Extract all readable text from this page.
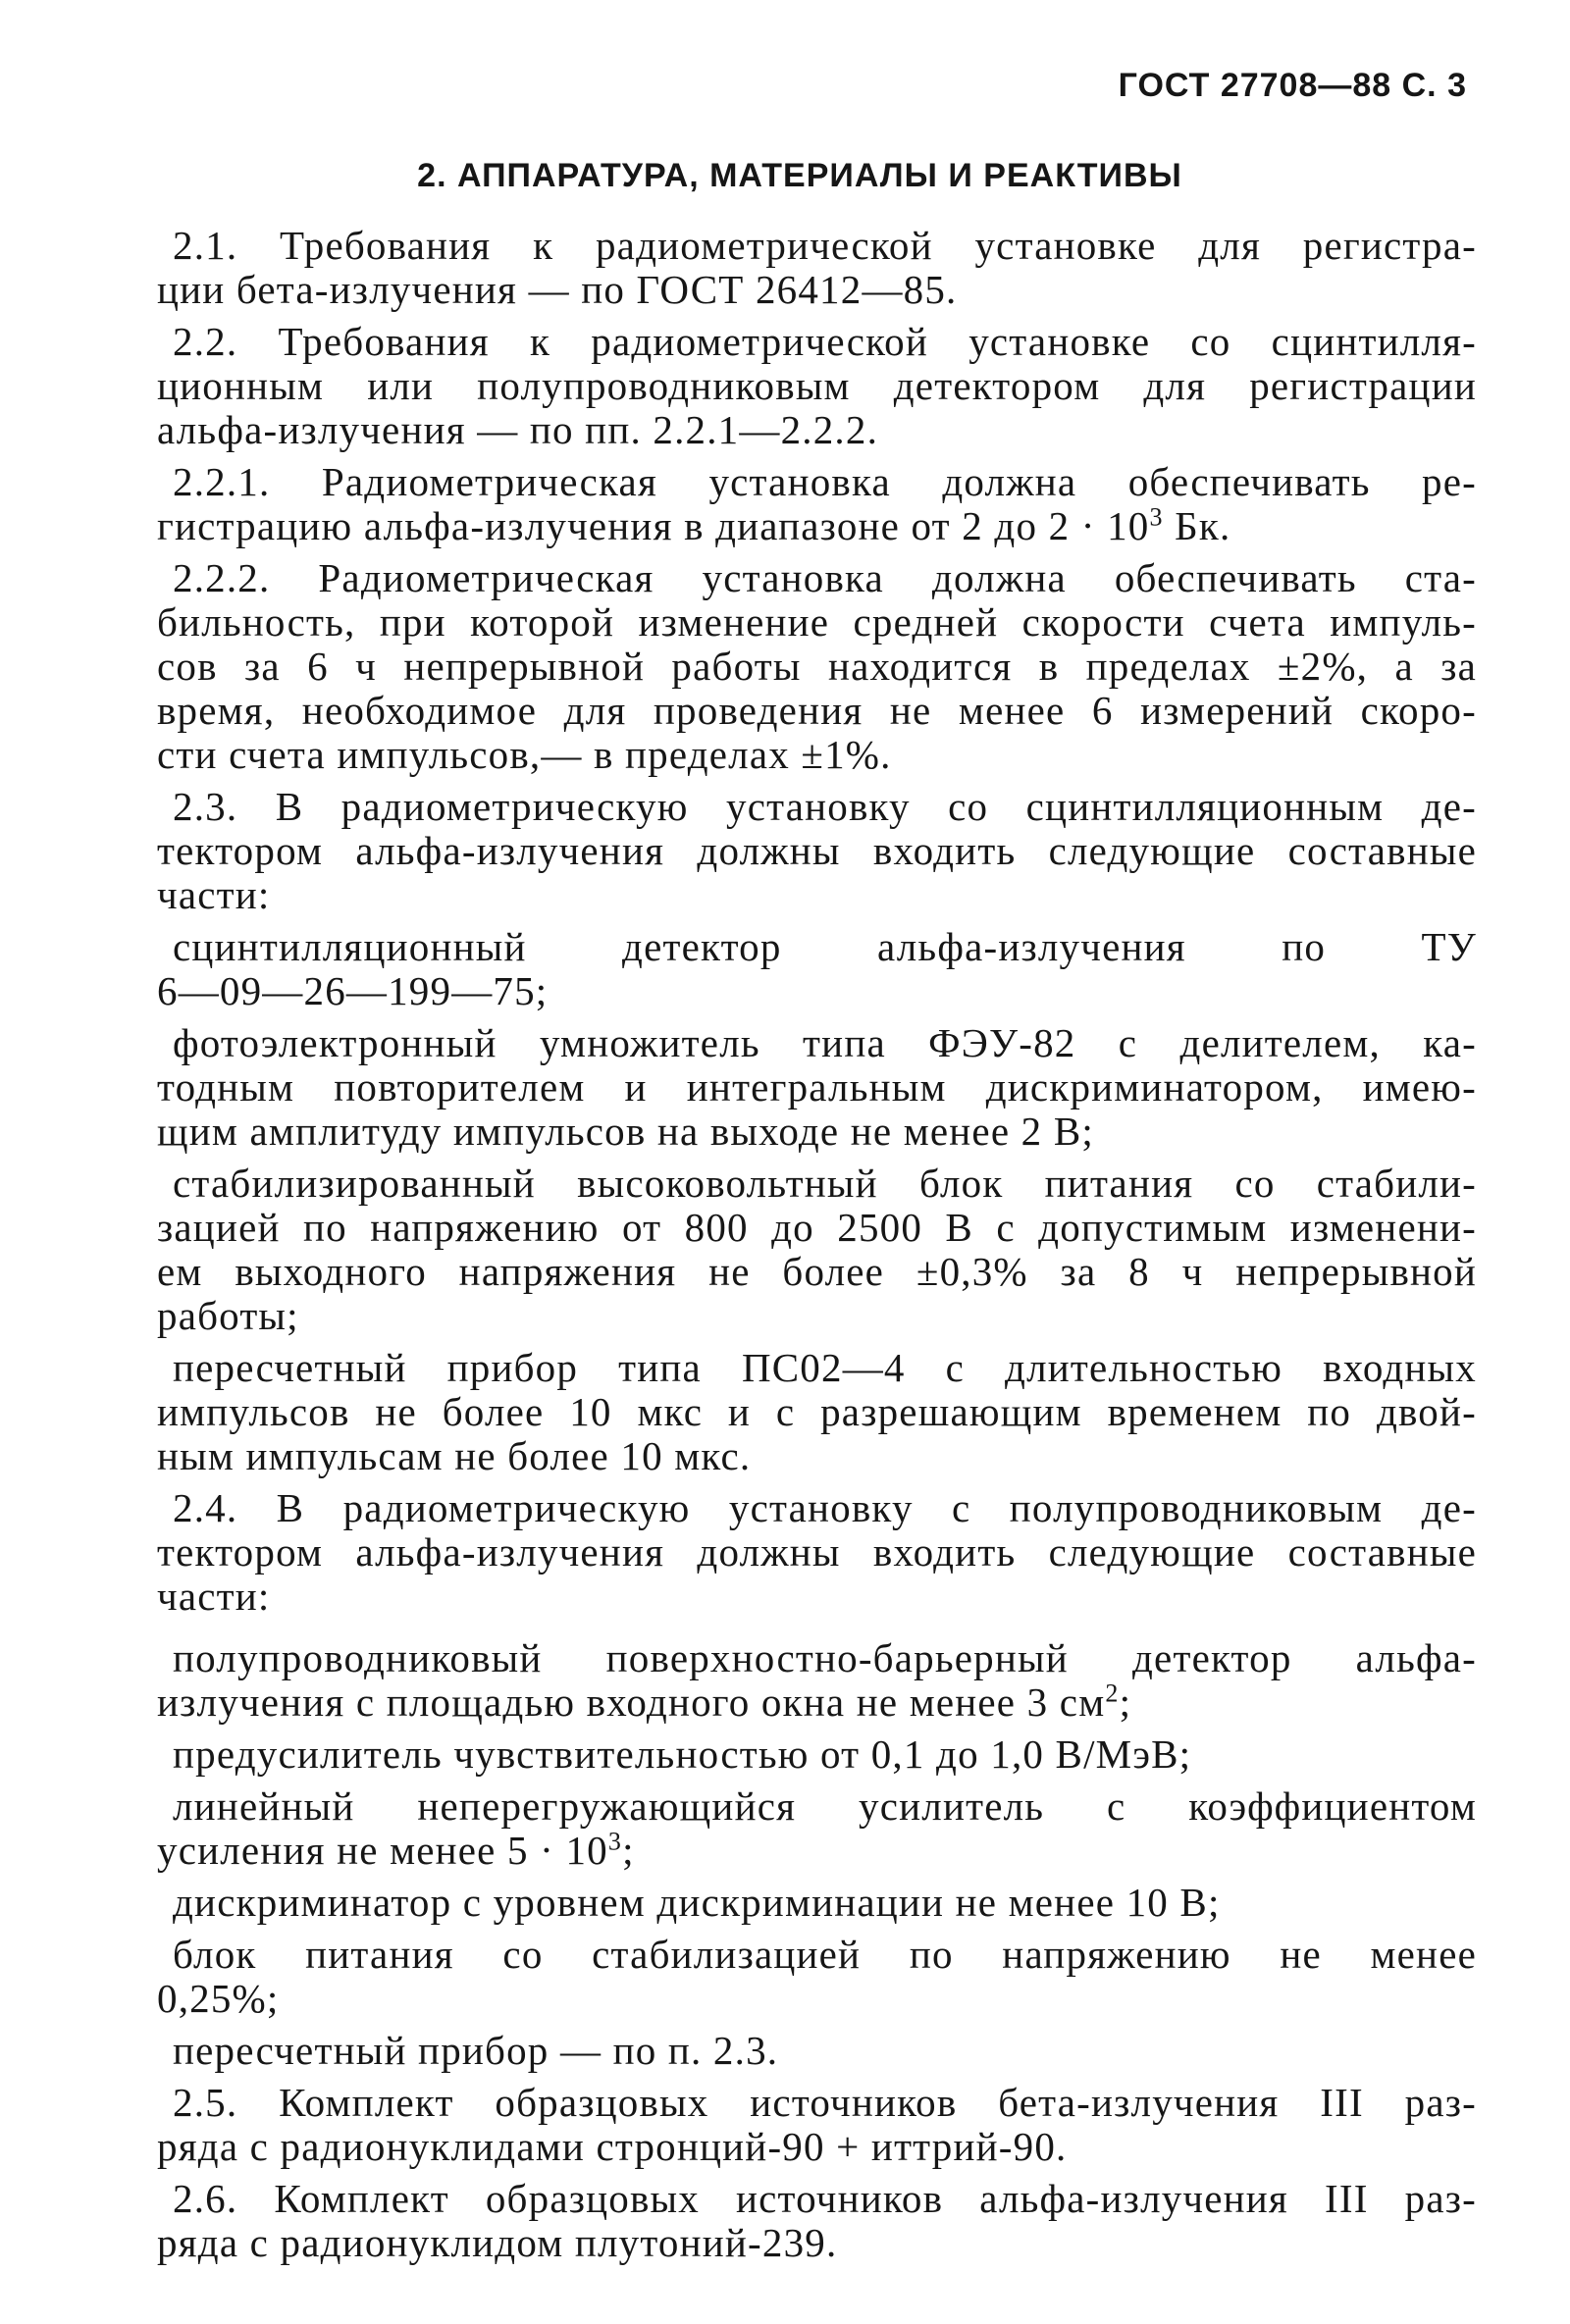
ГОСТ 27708—88 С. 3
2. АППАРАТУРА, МАТЕРИАЛЫ И РЕАКТИВЫ
2.1. Требования к радиометрической установке для регистра-
ции бета-излучения — по ГОСТ 26412—85.
2.2. Требования к радиометрической установке со сцинтилля-
ционным или полупроводниковым детектором для регистрации
альфа-излучения — по пп. 2.2.1—2.2.2.
2.2.1. Радиометрическая установка должна обеспечивать ре-
гистрацию альфа-излучения в диапазоне от 2 до $2 \cdot 10^3$ Бк.
2.2.2. Радиометрическая установка должна обеспечивать ста-
бильность, при которой изменение средней скорости счета импуль-
сов за 6 ч непрерывной работы находится в пределах ±2%, а за
время, необходимое для проведения не менее 6 измерений скоро-
сти счета импульсов,— в пределах ±1%.
2.3. В радиометрическую установку со сцинтилляционным де-
тектором альфа-излучения должны входить следующие составные
части:
сцинтилляционный детектор альфа-излучения по ТУ
6—09—26—199—75;
фотоэлектронный умножитель типа ФЭУ-82 с делителем, ка-
тодным повторителем и интегральным дискриминатором, имею-
щим амплитуду импульсов на выходе не менее 2 В;
стабилизированный высоковольтный блок питания со стабили-
зацией по напряжению от 800 до 2500 В с допустимым изменени-
ем выходного напряжения не более ±0,3% за 8 ч непрерывной
работы;
пересчетный прибор типа ПС02—4 с длительностью входных
импульсов не более 10 мкс и с разрешающим временем по двой-
ным импульсам не более 10 мкс.
2.4. В радиометрическую установку с полупроводниковым де-
тектором альфа-излучения должны входить следующие составные
части:
полупроводниковый поверхностно-барьерный детектор альфа-
излучения с площадью входного окна не менее 3 $см^2$;
предусилитель чувствительностью от 0,1 до 1,0 В/МэВ;
линейный неперегружающийся усилитель с коэффициентом
усиления не менее $5 \cdot 10^3$;
дискриминатор с уровнем дискриминации не менее 10 В;
блок питания со стабилизацией по напряжению не менее
0,25%;
пересчетный прибор — по п. 2.3.
2.5. Комплект образцовых источников бета-излучения III раз-
ряда с радионуклидами стронций-90 + иттрий-90.
2.6. Комплект образцовых источников альфа-излучения III раз-
ряда с радионуклидом плутоний-239.
